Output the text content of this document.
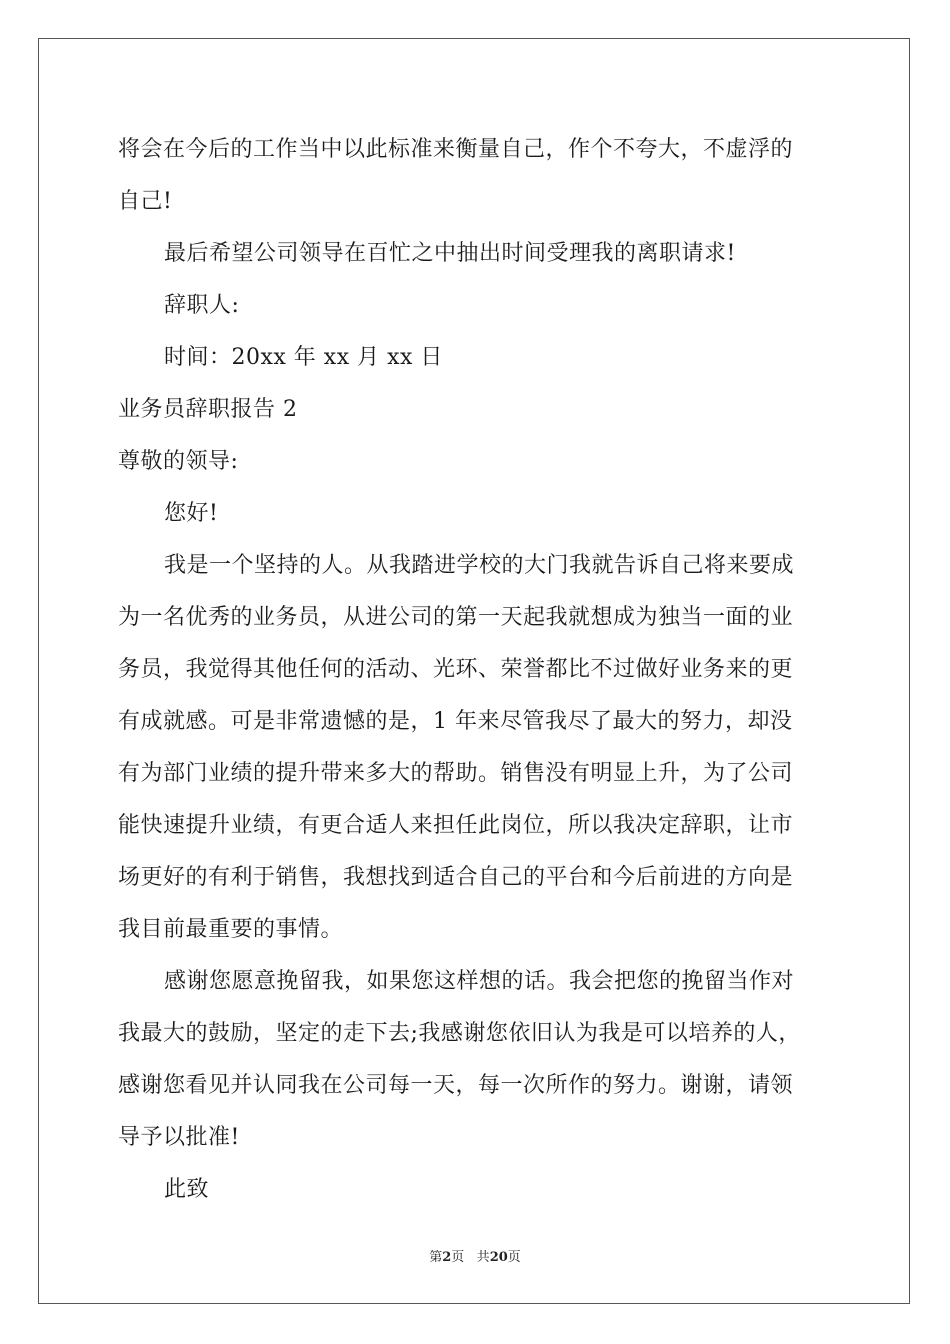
将会在今后的工作当中以此标准来衡量自己，作个不夸大，不虚浮的
自己!
最后希望公司领导在百忙之中抽出时间受理我的离职请求!
辞职人:
时间：20xx 年 xx 月 xx 日
业务员辞职报告 2
尊敬的领导:
您好!
我是一个坚持的人。从我踏进学校的大门我就告诉自己将来要成
为一名优秀的业务员，从进公司的第一天起我就想成为独当一面的业
务员，我觉得其他任何的活动、光环、荣誉都比不过做好业务来的更
有成就感。可是非常遗憾的是，1 年来尽管我尽了最大的努力，却没
有为部门业绩的提升带来多大的帮助。销售没有明显上升，为了公司
能快速提升业绩，有更合适人来担任此岗位，所以我决定辞职，让市
场更好的有利于销售，我想找到适合自己的平台和今后前进的方向是
我目前最重要的事情。
感谢您愿意挽留我，如果您这样想的话。我会把您的挽留当作对
我最大的鼓励，坚定的走下去;我感谢您依旧认为我是可以培养的人，
感谢您看见并认同我在公司每一天，每一次所作的努力。谢谢，请领
导予以批准!
此致
第2页 共20页
